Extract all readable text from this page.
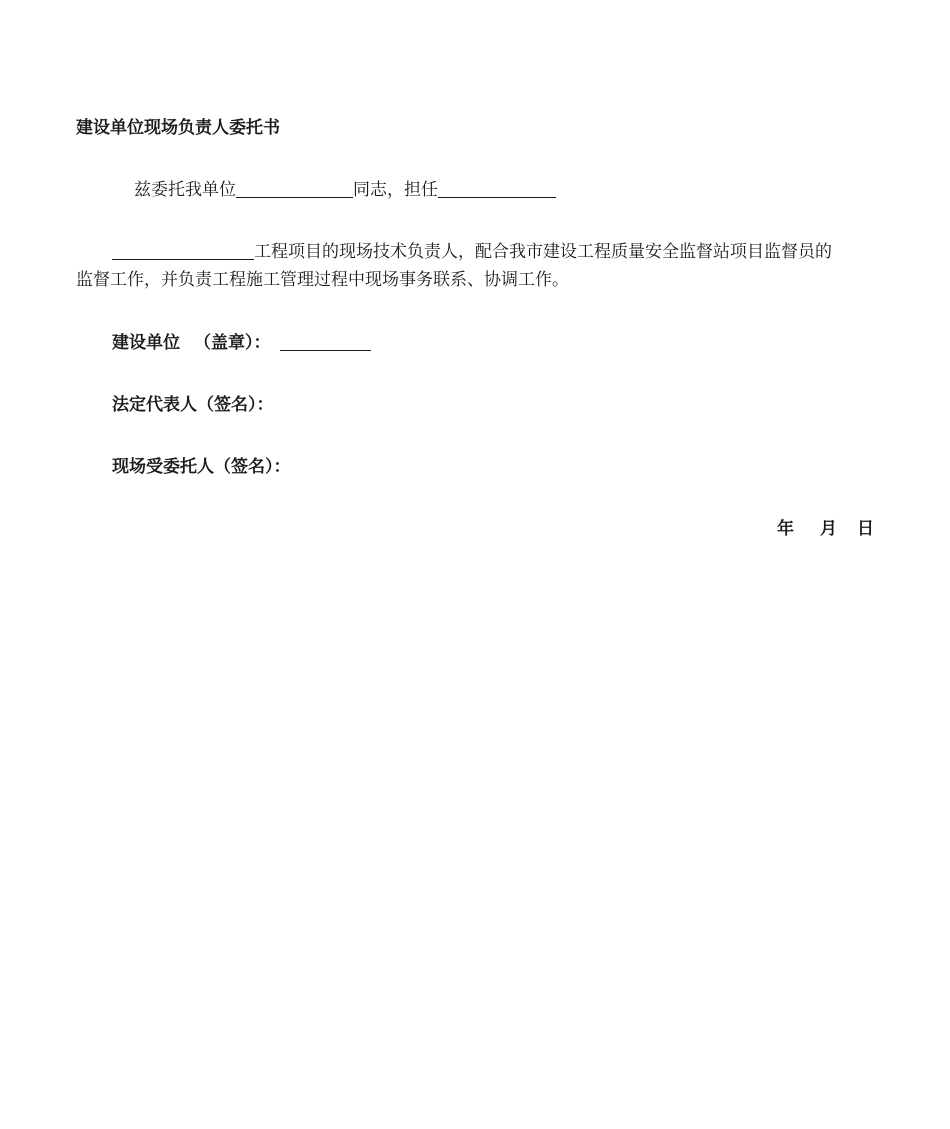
建设单位现场负责人委托书
兹委托我单位	同志，担任
工程项目的现场技术负责人，配合我市建设工程质量安全监督站项目监督员的
监督工作，并负责工程施工管理过程中现场事务联系、协调工作。
建设单位 （盖章）：
法定代表人（签名）：
现场受委托人（签名）：
年 月 日
